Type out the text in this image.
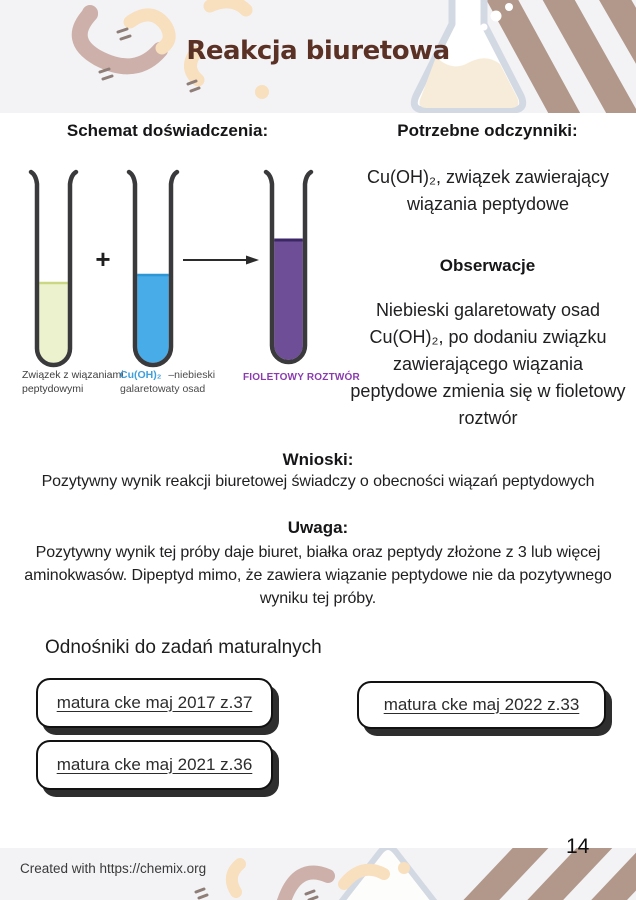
Reakcja biuretowa
Schemat doświadczenia:	Potrzebne odczynniki:
+
Związek z wiązaniami
peptydowymi
Cu(OH)₂ –niebieski
galaretowaty osad
FIOLETOWY ROZTWÓR

Cu(OH)₂, związek zawierający wiązania peptydowe

Obserwacje

Niebieski galaretowaty osad Cu(OH)₂, po dodaniu związku zawierającego wiązania peptydowe zmienia się w fioletowy roztwór

Wnioski:

Pozytywny wynik reakcji biuretowej świadczy o obecności wiązań peptydowych

Uwaga:

Pozytywny wynik tej próby daje biuret, białka oraz peptydy złożone z 3 lub więcej aminokwasów. Dipeptyd mimo, że zawiera wiązanie peptydowe nie da pozytywnego wyniku tej próby.

Odnośniki do zadań maturalnych
matura cke maj 2017 z.37	matura cke maj 2022 z.33
matura cke maj 2021 z.36
14
Created with https://chemix.org
